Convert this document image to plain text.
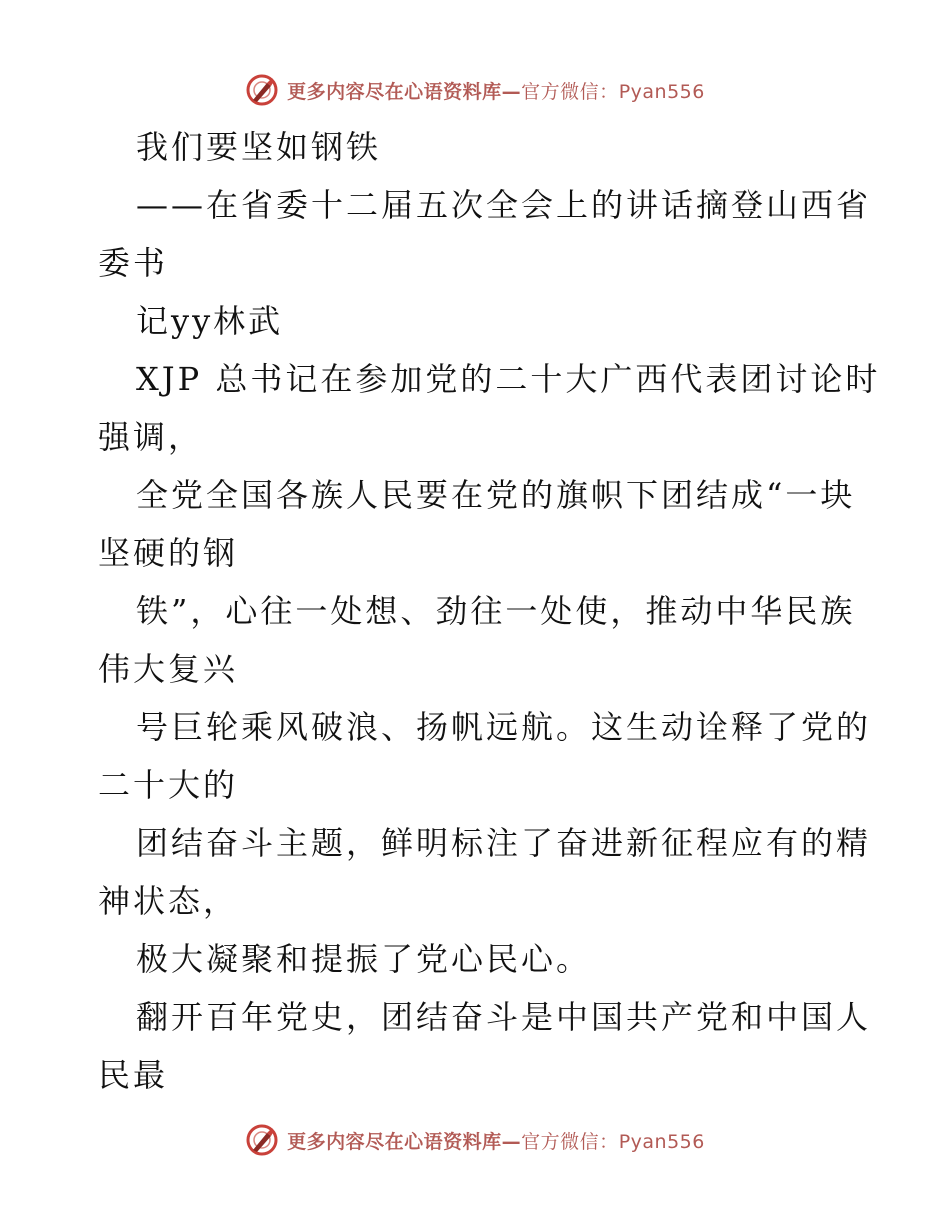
更多内容尽在心语资料库—官方微信：Pyan556

我们要坚如钢铁

——在省委十二届五次全会上的讲话摘登山西省

委书

记yy林武

XJP 总书记在参加党的二十大广西代表团讨论时

强调，

全党全国各族人民要在党的旗帜下团结成“一块

坚硬的钢

铁”，心往一处想、劲往一处使，推动中华民族

伟大复兴

号巨轮乘风破浪、扬帆远航。这生动诠释了党的

二十大的

团结奋斗主题，鲜明标注了奋进新征程应有的精

神状态，

极大凝聚和提振了党心民心。

翻开百年党史，团结奋斗是中国共产党和中国人

民最

更多内容尽在心语资料库—官方微信：Pyan556
